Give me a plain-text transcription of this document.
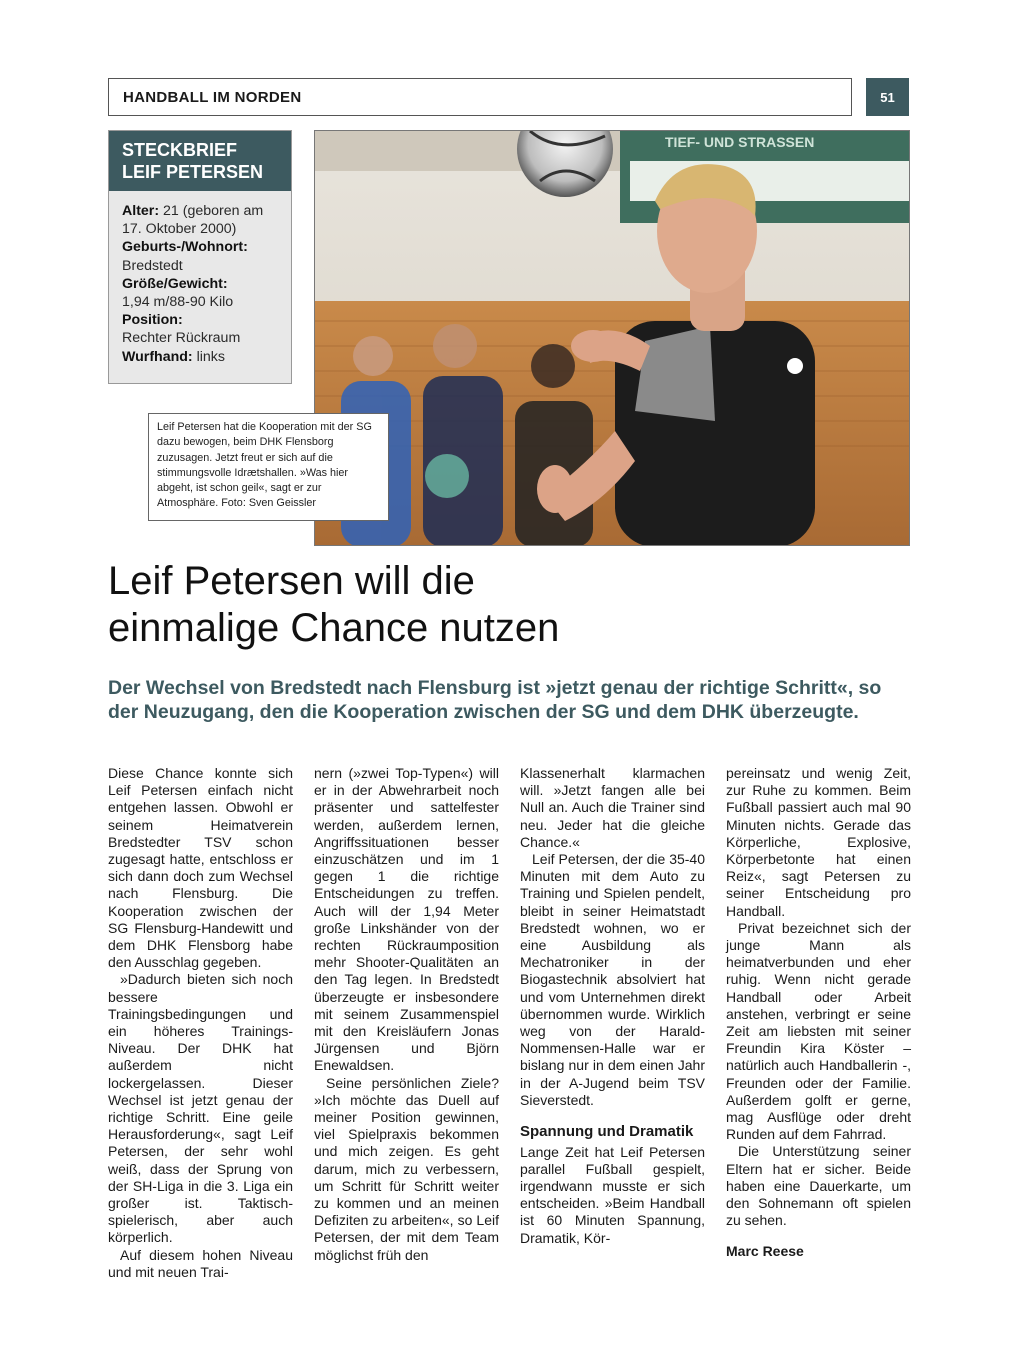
HANDBALL IM NORDEN	51
STECKBRIEF
LEIF PETERSEN
Alter: 21 (geboren am 17. Oktober 2000)
Geburts-/Wohnort:
Bredstedt
Größe/Gewicht:
1,94 m/88-90 Kilo
Position:
Rechter Rückraum
Wurfhand: links
TIEF- UND STRASSEN
Leif Petersen hat die Kooperation mit der SG dazu bewogen, beim DHK Flensborg zuzusagen. Jetzt freut er sich auf die stimmungsvolle Idrætshallen. »Was hier abgeht, ist schon geil«, sagt er zur Atmosphäre. Foto: Sven Geissler
Leif Petersen will die
einmalige Chance nutzen

Der Wechsel von Bredstedt nach Flensburg ist »jetzt genau der richtige Schritt«, so der Neuzugang, den die Kooperation zwischen der SG und dem DHK überzeugte.

Diese Chance konnte sich Leif Petersen einfach nicht entgehen lassen. Obwohl er seinem Heimatverein Bredstedter TSV schon zugesagt hatte, entschloss er sich dann doch zum Wechsel nach Flensburg. Die Kooperation zwischen der SG Flensburg-Handewitt und dem DHK Flensborg habe den Ausschlag gegeben.

»Dadurch bieten sich noch bessere Trainingsbedingungen und ein höheres Trainings-Niveau. Der DHK hat außerdem nicht lockergelassen. Dieser Wechsel ist jetzt genau der richtige Schritt. Eine geile Herausforderung«, sagt Leif Petersen, der sehr wohl weiß, dass der Sprung von der SH-Liga in die 3. Liga ein großer ist. Taktisch-spielerisch, aber auch körperlich.

Auf diesem hohen Niveau und mit neuen Trai-

nern (»zwei Top-Typen«) will er in der Abwehrarbeit noch präsenter und sattelfester werden, außerdem lernen, Angriffssituationen besser einzuschätzen und im 1 gegen 1 die richtige Entscheidungen zu treffen. Auch will der 1,94 Meter große Linkshänder von der rechten Rückraumposition mehr Shooter-Qualitäten an den Tag legen. In Bredstedt überzeugte er insbesondere mit seinem Zusammenspiel mit den Kreisläufern Jonas Jürgensen und Björn Enewaldsen.

Seine persönlichen Ziele? »Ich möchte das Duell auf meiner Position gewinnen, viel Spielpraxis bekommen und mich zeigen. Es geht darum, mich zu verbessern, um Schritt für Schritt weiter zu kommen und an meinen Defiziten zu arbeiten«, so Leif Petersen, der mit dem Team möglichst früh den

Klassenerhalt klarmachen will. »Jetzt fangen alle bei Null an. Auch die Trainer sind neu. Jeder hat die gleiche Chance.«

Leif Petersen, der die 35-40 Minuten mit dem Auto zu Training und Spielen pendelt, bleibt in seiner Heimatstadt Bredstedt wohnen, wo er eine Ausbildung als Mechatroniker in der Biogastechnik absolviert hat und vom Unternehmen direkt übernommen wurde. Wirklich weg von der Harald-Nommensen-Halle war er bislang nur in dem einen Jahr in der A-Jugend beim TSV Sieverstedt.

Spannung und Dramatik

Lange Zeit hat Leif Petersen parallel Fußball gespielt, irgendwann musste er sich entscheiden. »Beim Handball ist 60 Minuten Spannung, Dramatik, Kör-

pereinsatz und wenig Zeit, zur Ruhe zu kommen. Beim Fußball passiert auch mal 90 Minuten nichts. Gerade das Körperliche, Explosive, Körperbetonte hat einen Reiz«, sagt Petersen zu seiner Entscheidung pro Handball.

Privat bezeichnet sich der junge Mann als heimatverbunden und eher ruhig. Wenn nicht gerade Handball oder Arbeit anstehen, verbringt er seine Zeit am liebsten mit seiner Freundin Kira Köster – natürlich auch Handballerin -, Freunden oder der Familie. Außerdem golft er gerne, mag Ausflüge oder dreht Runden auf dem Fahrrad.

Die Unterstützung seiner Eltern hat er sicher. Beide haben eine Dauerkarte, um den Sohnemann oft spielen zu sehen.

Marc Reese
